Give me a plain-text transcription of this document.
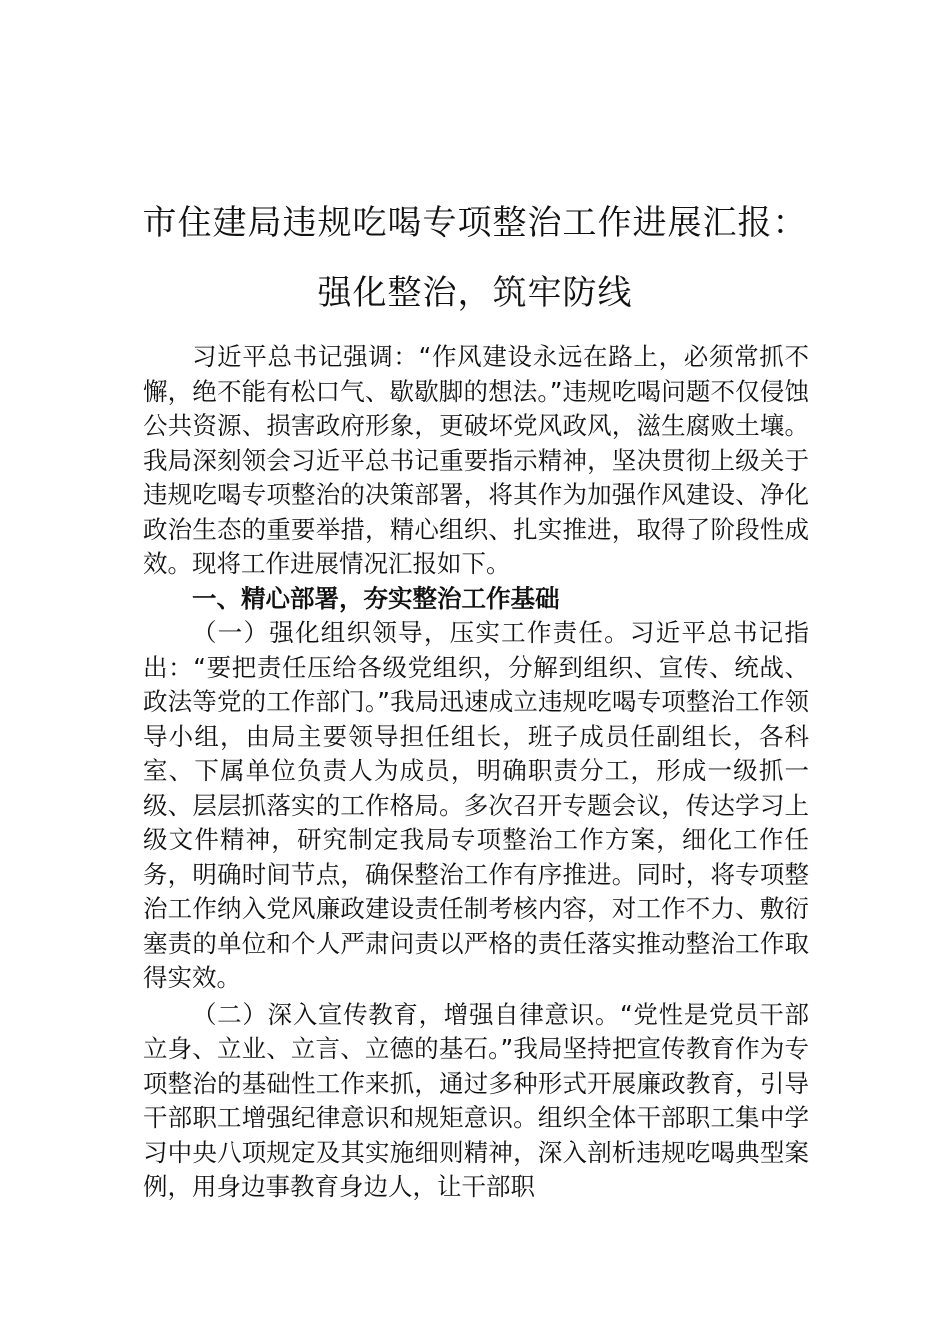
市住建局违规吃喝专项整治工作进展汇报：
强化整治，筑牢防线

习近平总书记强调：“作风建设永远在路上，必须常抓不懈，绝不能有松口气、歇歇脚的想法。”违规吃喝问题不仅侵蚀公共资源、损害政府形象，更破坏党风政风，滋生腐败土壤。我局深刻领会习近平总书记重要指示精神，坚决贯彻上级关于违规吃喝专项整治的决策部署，将其作为加强作风建设、净化政治生态的重要举措，精心组织、扎实推进，取得了阶段性成效。现将工作进展情况汇报如下。

一、精心部署，夯实整治工作基础

（一）强化组织领导，压实工作责任。习近平总书记指出：“要把责任压给各级党组织，分解到组织、宣传、统战、政法等党的工作部门。”我局迅速成立违规吃喝专项整治工作领导小组，由局主要领导担任组长，班子成员任副组长，各科室、下属单位负责人为成员，明确职责分工，形成一级抓一级、层层抓落实的工作格局。多次召开专题会议，传达学习上级文件精神，研究制定我局专项整治工作方案，细化工作任务，明确时间节点，确保整治工作有序推进。同时，将专项整治工作纳入党风廉政建设责任制考核内容，对工作不力、敷衍塞责的单位和个人严肃问责以严格的责任落实推动整治工作取得实效。

（二）深入宣传教育，增强自律意识。“党性是党员干部立身、立业、立言、立德的基石。”我局坚持把宣传教育作为专项整治的基础性工作来抓，通过多种形式开展廉政教育，引导干部职工增强纪律意识和规矩意识。组织全体干部职工集中学习中央八项规定及其实施细则精神，深入剖析违规吃喝典型案例，用身边事教育身边人，让干部职
